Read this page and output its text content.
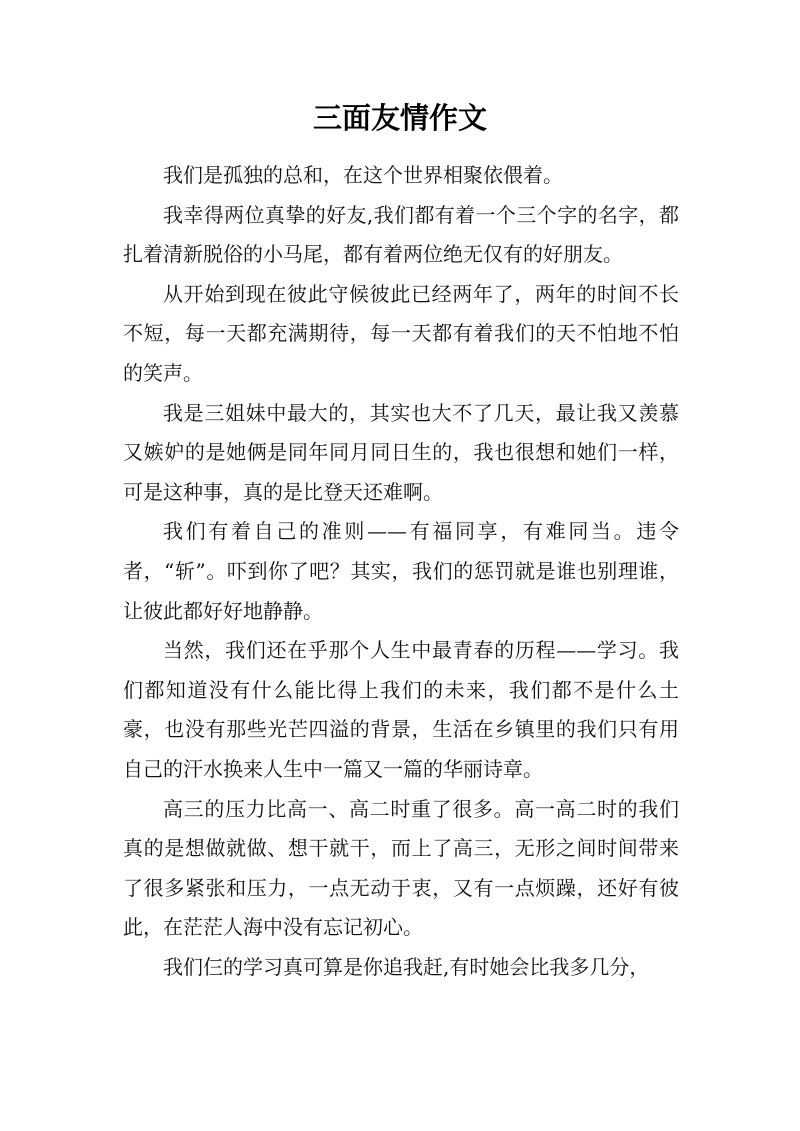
三面友情作文

我们是孤独的总和，在这个世界相聚依偎着。

我幸得两位真挚的好友,我们都有着一个三个字的名字，都扎着清新脱俗的小马尾，都有着两位绝无仅有的好朋友。

从开始到现在彼此守候彼此已经两年了，两年的时间不长不短，每一天都充满期待，每一天都有着我们的天不怕地不怕的笑声。

我是三姐妹中最大的，其实也大不了几天，最让我又羡慕又嫉妒的是她俩是同年同月同日生的，我也很想和她们一样，可是这种事，真的是比登天还难啊。

我们有着自己的准则——有福同享，有难同当。违令者，“斩”。吓到你了吧？其实，我们的惩罚就是谁也别理谁，让彼此都好好地静静。

当然，我们还在乎那个人生中最青春的历程——学习。我们都知道没有什么能比得上我们的未来，我们都不是什么土豪，也没有那些光芒四溢的背景，生活在乡镇里的我们只有用自己的汗水换来人生中一篇又一篇的华丽诗章。

高三的压力比高一、高二时重了很多。高一高二时的我们真的是想做就做、想干就干，而上了高三，无形之间时间带来了很多紧张和压力，一点无动于衷，又有一点烦躁，还好有彼此，在茫茫人海中没有忘记初心。

我们仨的学习真可算是你追我赶,有时她会比我多几分，
